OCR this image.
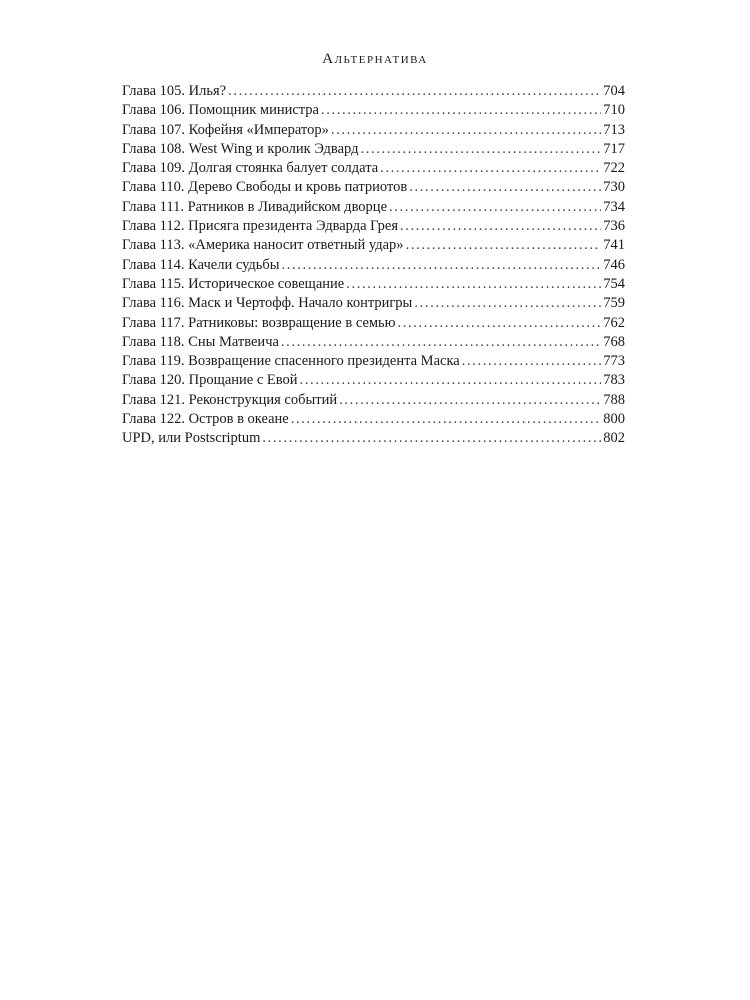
Альтернатива
Глава 105. Илья? . . .	704
Глава 106. Помощник министра . . .	710
Глава 107. Кофейня «Император» . . .	713
Глава 108. West Wing и кролик Эдвард . . .	717
Глава 109. Долгая стоянка балует солдата . . .	722
Глава 110. Дерево Свободы и кровь патриотов . . .	730
Глава 111. Ратников в Ливадийском дворце . . .	734
Глава 112. Присяга президента Эдварда Грея . . .	736
Глава 113. «Америка наносит ответный удар» . . .	741
Глава 114. Качели судьбы . . .	746
Глава 115. Историческое совещание . . .	754
Глава 116. Маск и Чертофф. Начало контригры . . .	759
Глава 117. Ратниковы: возвращение в семью . . .	762
Глава 118. Сны Матвеича . . .	768
Глава 119. Возвращение спасенного президента Маска . . .	773
Глава 120. Прощание с Евой . . .	783
Глава 121. Реконструкция событий . . .	788
Глава 122. Остров в океане . . .	800
UPD, или Postscriptum . . .	802
